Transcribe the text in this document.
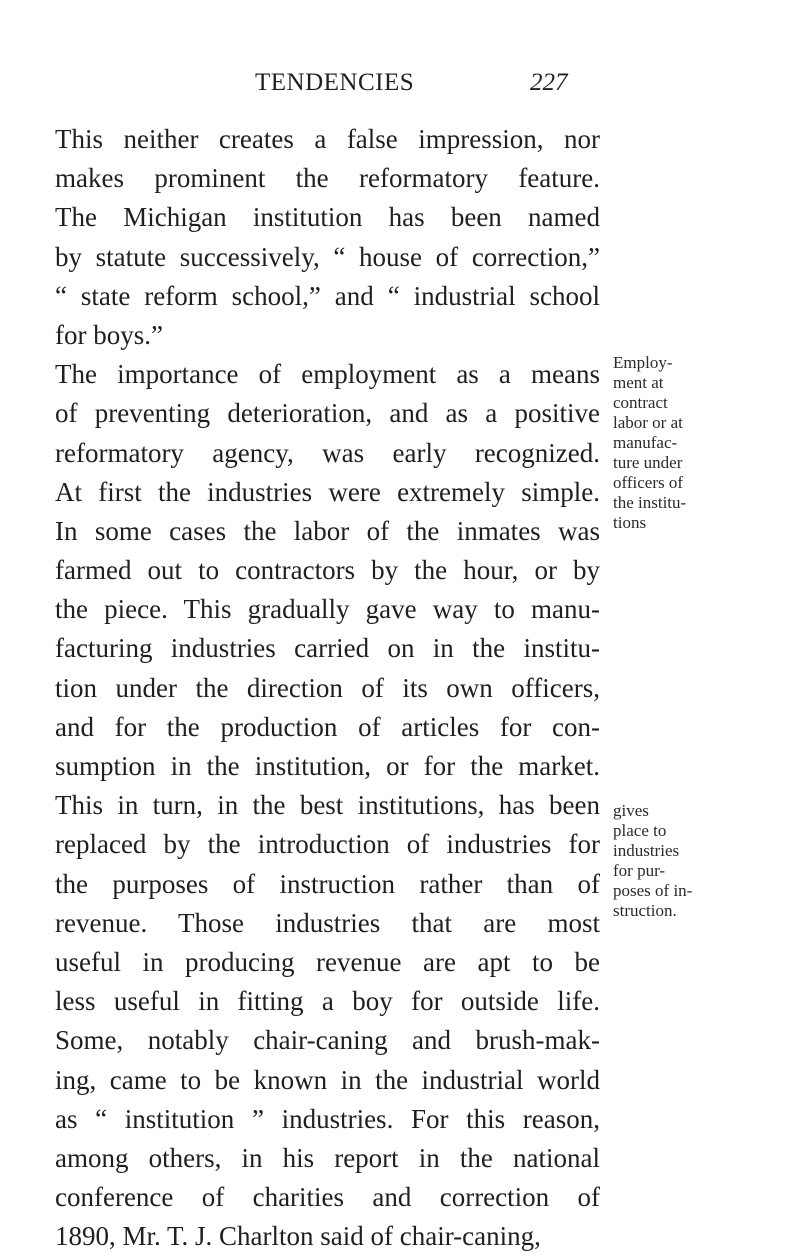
TENDENCIES	227
This neither creates a false impression, nor
makes prominent the reformatory feature.
The Michigan institution has been named
by statute successively, “ house of correction,”
“ state reform school,” and “ industrial school
for boys.”
The importance of employment as a means
of preventing deterioration, and as a positive
reformatory agency, was early recognized.
At first the industries were extremely simple.
In some cases the labor of the inmates was
farmed out to contractors by the hour, or by
the piece. This gradually gave way to manu-
facturing industries carried on in the institu-
tion under the direction of its own officers,
and for the production of articles for con-
sumption in the institution, or for the market.
This in turn, in the best institutions, has been
replaced by the introduction of industries for
the purposes of instruction rather than of
revenue. Those industries that are most
useful in producing revenue are apt to be
less useful in fitting a boy for outside life.
Some, notably chair-caning and brush-mak-
ing, came to be known in the industrial world
as “ institution ” industries. For this reason,
among others, in his report in the national
conference of charities and correction of
1890, Mr. T. J. Charlton said of chair-caning,
Employ-
ment at
contract
labor or at
manufac-
ture under
officers of
the institu-
tions
gives
place to
industries
for pur-
poses of in-
struction.
